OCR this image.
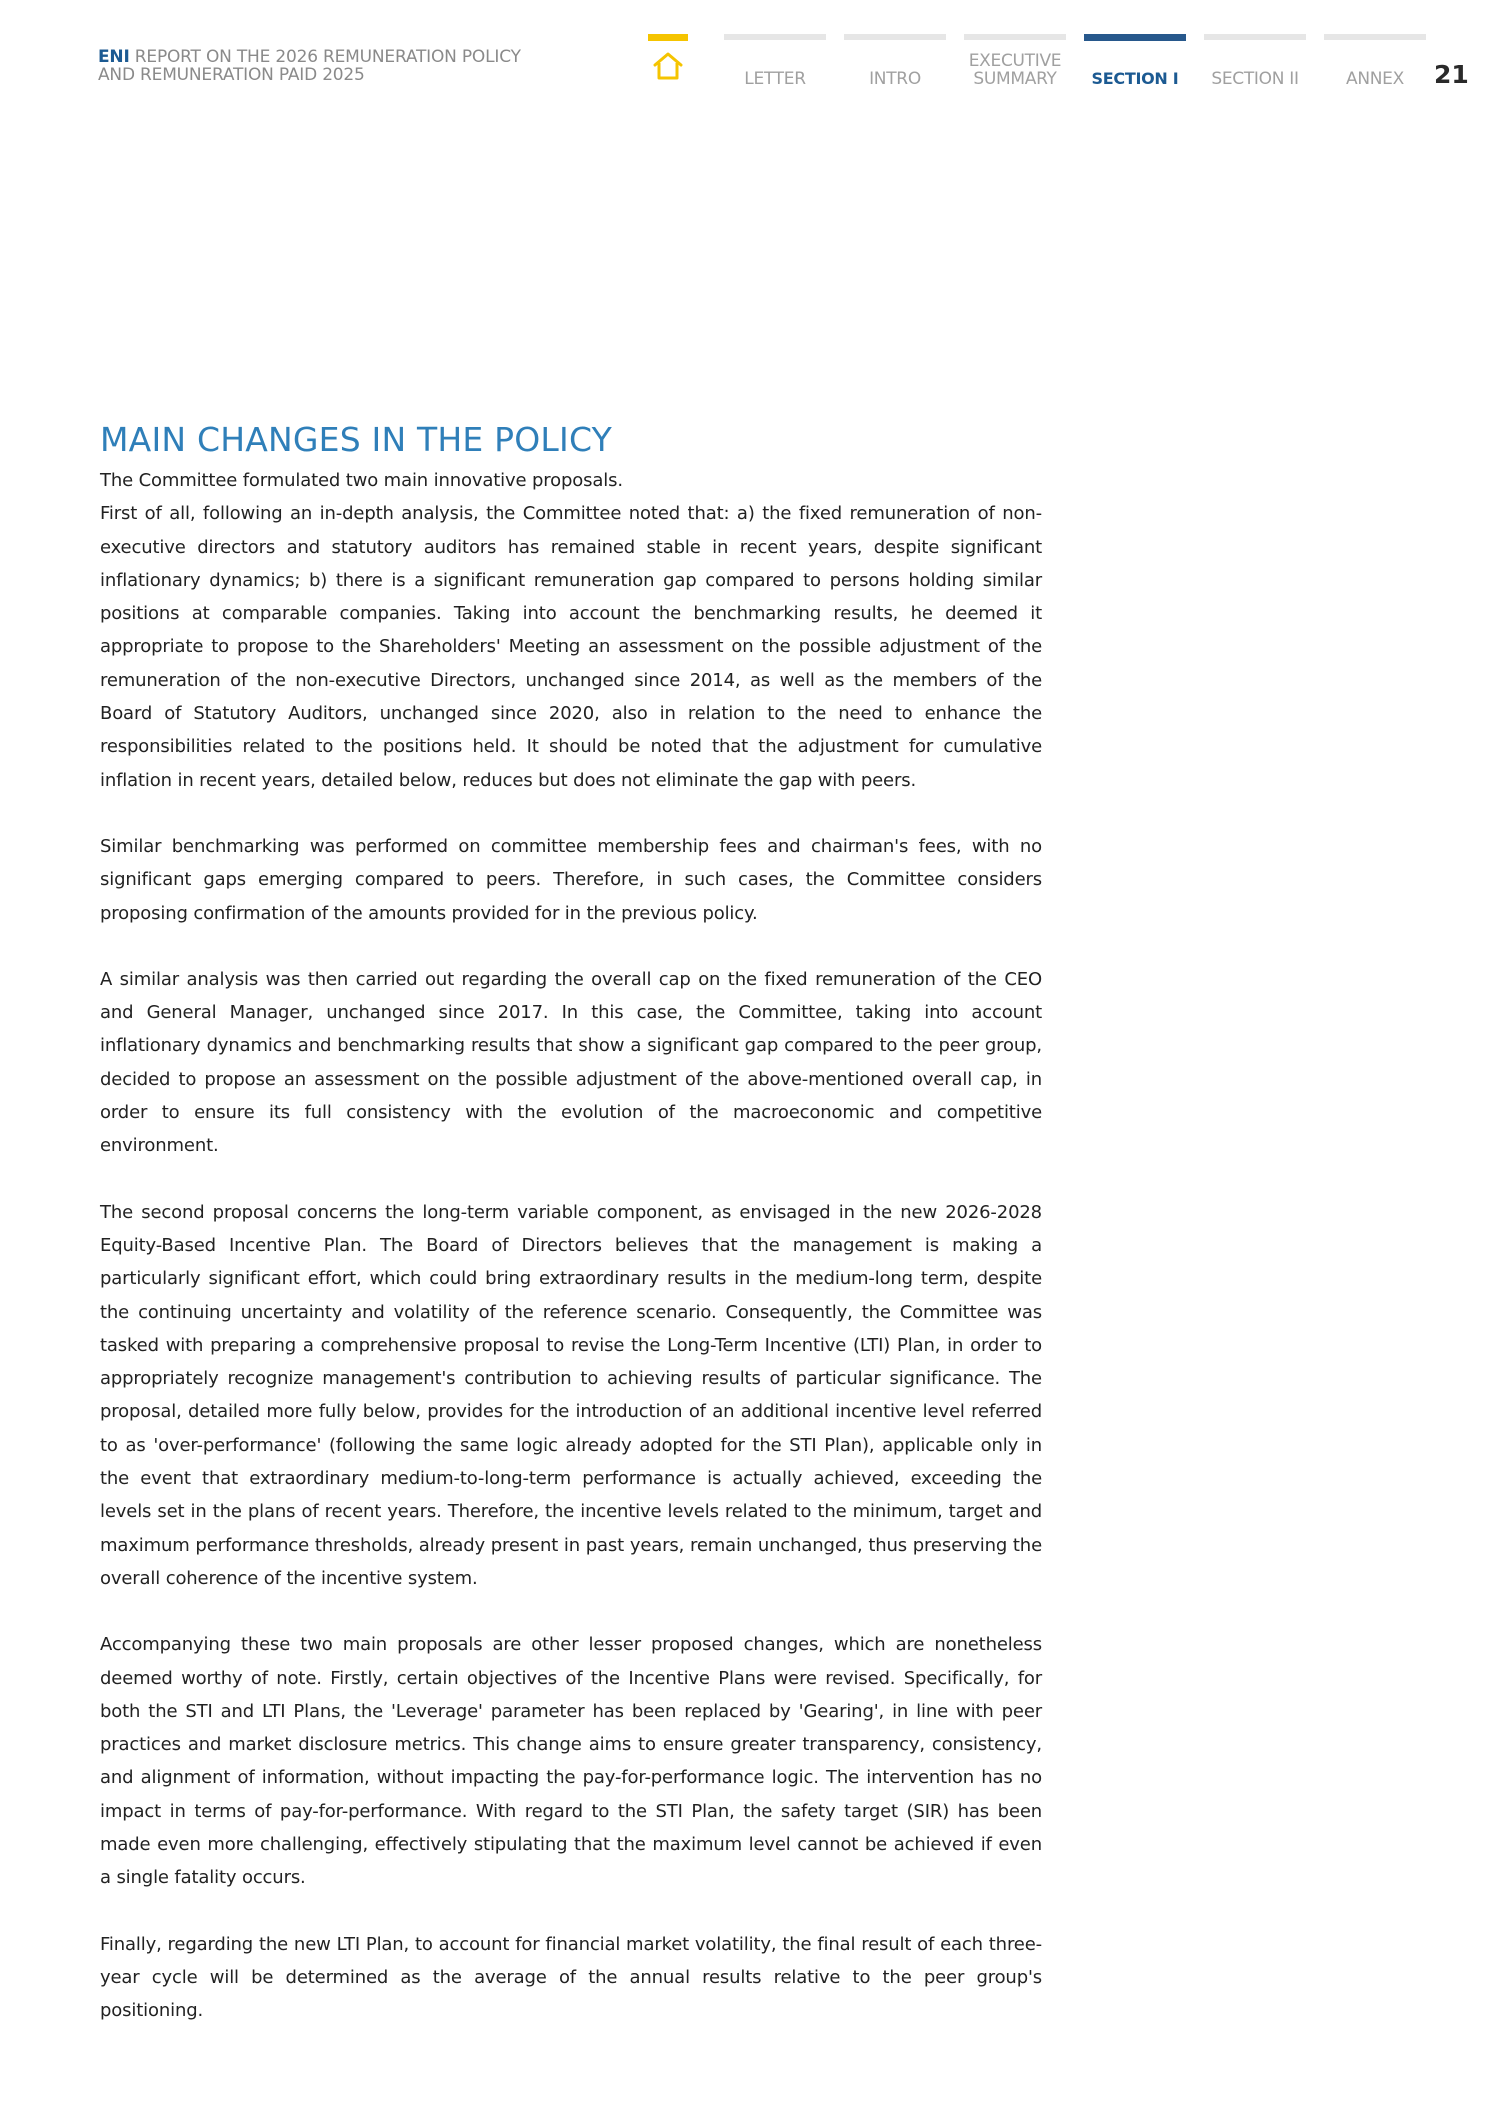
ENI REPORT ON THE 2026 REMUNERATION POLICY
AND REMUNERATION PAID 2025	LETTER	INTRO
EXECUTIVE
SUMMARY	SECTION I	SECTION II	ANNEX	21
MAIN CHANGES IN THE POLICY

The Committee formulated two main innovative proposals.

First of all, following an in-depth analysis, the Committee noted that: a) the fixed remuneration of non-executive directors and statutory auditors has remained stable in recent years, despite significant inflationary dynamics; b) there is a significant remuneration gap compared to persons holding similar positions at comparable companies. Taking into account the benchmarking results, he deemed it appropriate to propose to the Shareholders' Meeting an assessment on the possible adjustment of the remuneration of the non-executive Directors, unchanged since 2014, as well as the members of the Board of Statutory Auditors, unchanged since 2020, also in relation to the need to enhance the responsibilities related to the positions held. It should be noted that the adjustment for cumulative inflation in recent years, detailed below, reduces but does not eliminate the gap with peers.

Similar benchmarking was performed on committee membership fees and chairman's fees, with no significant gaps emerging compared to peers. Therefore, in such cases, the Committee considers proposing confirmation of the amounts provided for in the previous policy.

A similar analysis was then carried out regarding the overall cap on the fixed remuneration of the CEO and General Manager, unchanged since 2017. In this case, the Committee, taking into account inflationary dynamics and benchmarking results that show a significant gap compared to the peer group, decided to propose an assessment on the possible adjustment of the above-mentioned overall cap, in order to ensure its full consistency with the evolution of the macroeconomic and competitive environment.

The second proposal concerns the long-term variable component, as envisaged in the new 2026-2028 Equity-Based Incentive Plan. The Board of Directors believes that the management is making a particularly significant effort, which could bring extraordinary results in the medium-long term, despite the continuing uncertainty and volatility of the reference scenario. Consequently, the Committee was tasked with preparing a comprehensive proposal to revise the Long-Term Incentive (LTI) Plan, in order to appropriately recognize management's contribution to achieving results of particular significance. The proposal, detailed more fully below, provides for the introduction of an additional incentive level referred to as 'over-performance' (following the same logic already adopted for the STI Plan), applicable only in the event that extraordinary medium-to-long-term performance is actually achieved, exceeding the levels set in the plans of recent years. Therefore, the incentive levels related to the minimum, target and maximum performance thresholds, already present in past years, remain unchanged, thus preserving the overall coherence of the incentive system.

Accompanying these two main proposals are other lesser proposed changes, which are nonetheless deemed worthy of note. Firstly, certain objectives of the Incentive Plans were revised. Specifically, for both the STI and LTI Plans, the 'Leverage' parameter has been replaced by 'Gearing', in line with peer practices and market disclosure metrics. This change aims to ensure greater transparency, consistency, and alignment of information, without impacting the pay-for-performance logic. The intervention has no impact in terms of pay-for-performance. With regard to the STI Plan, the safety target (SIR) has been made even more challenging, effectively stipulating that the maximum level cannot be achieved if even a single fatality occurs.

Finally, regarding the new LTI Plan, to account for financial market volatility, the final result of each three-year cycle will be determined as the average of the annual results relative to the peer group's positioning.
